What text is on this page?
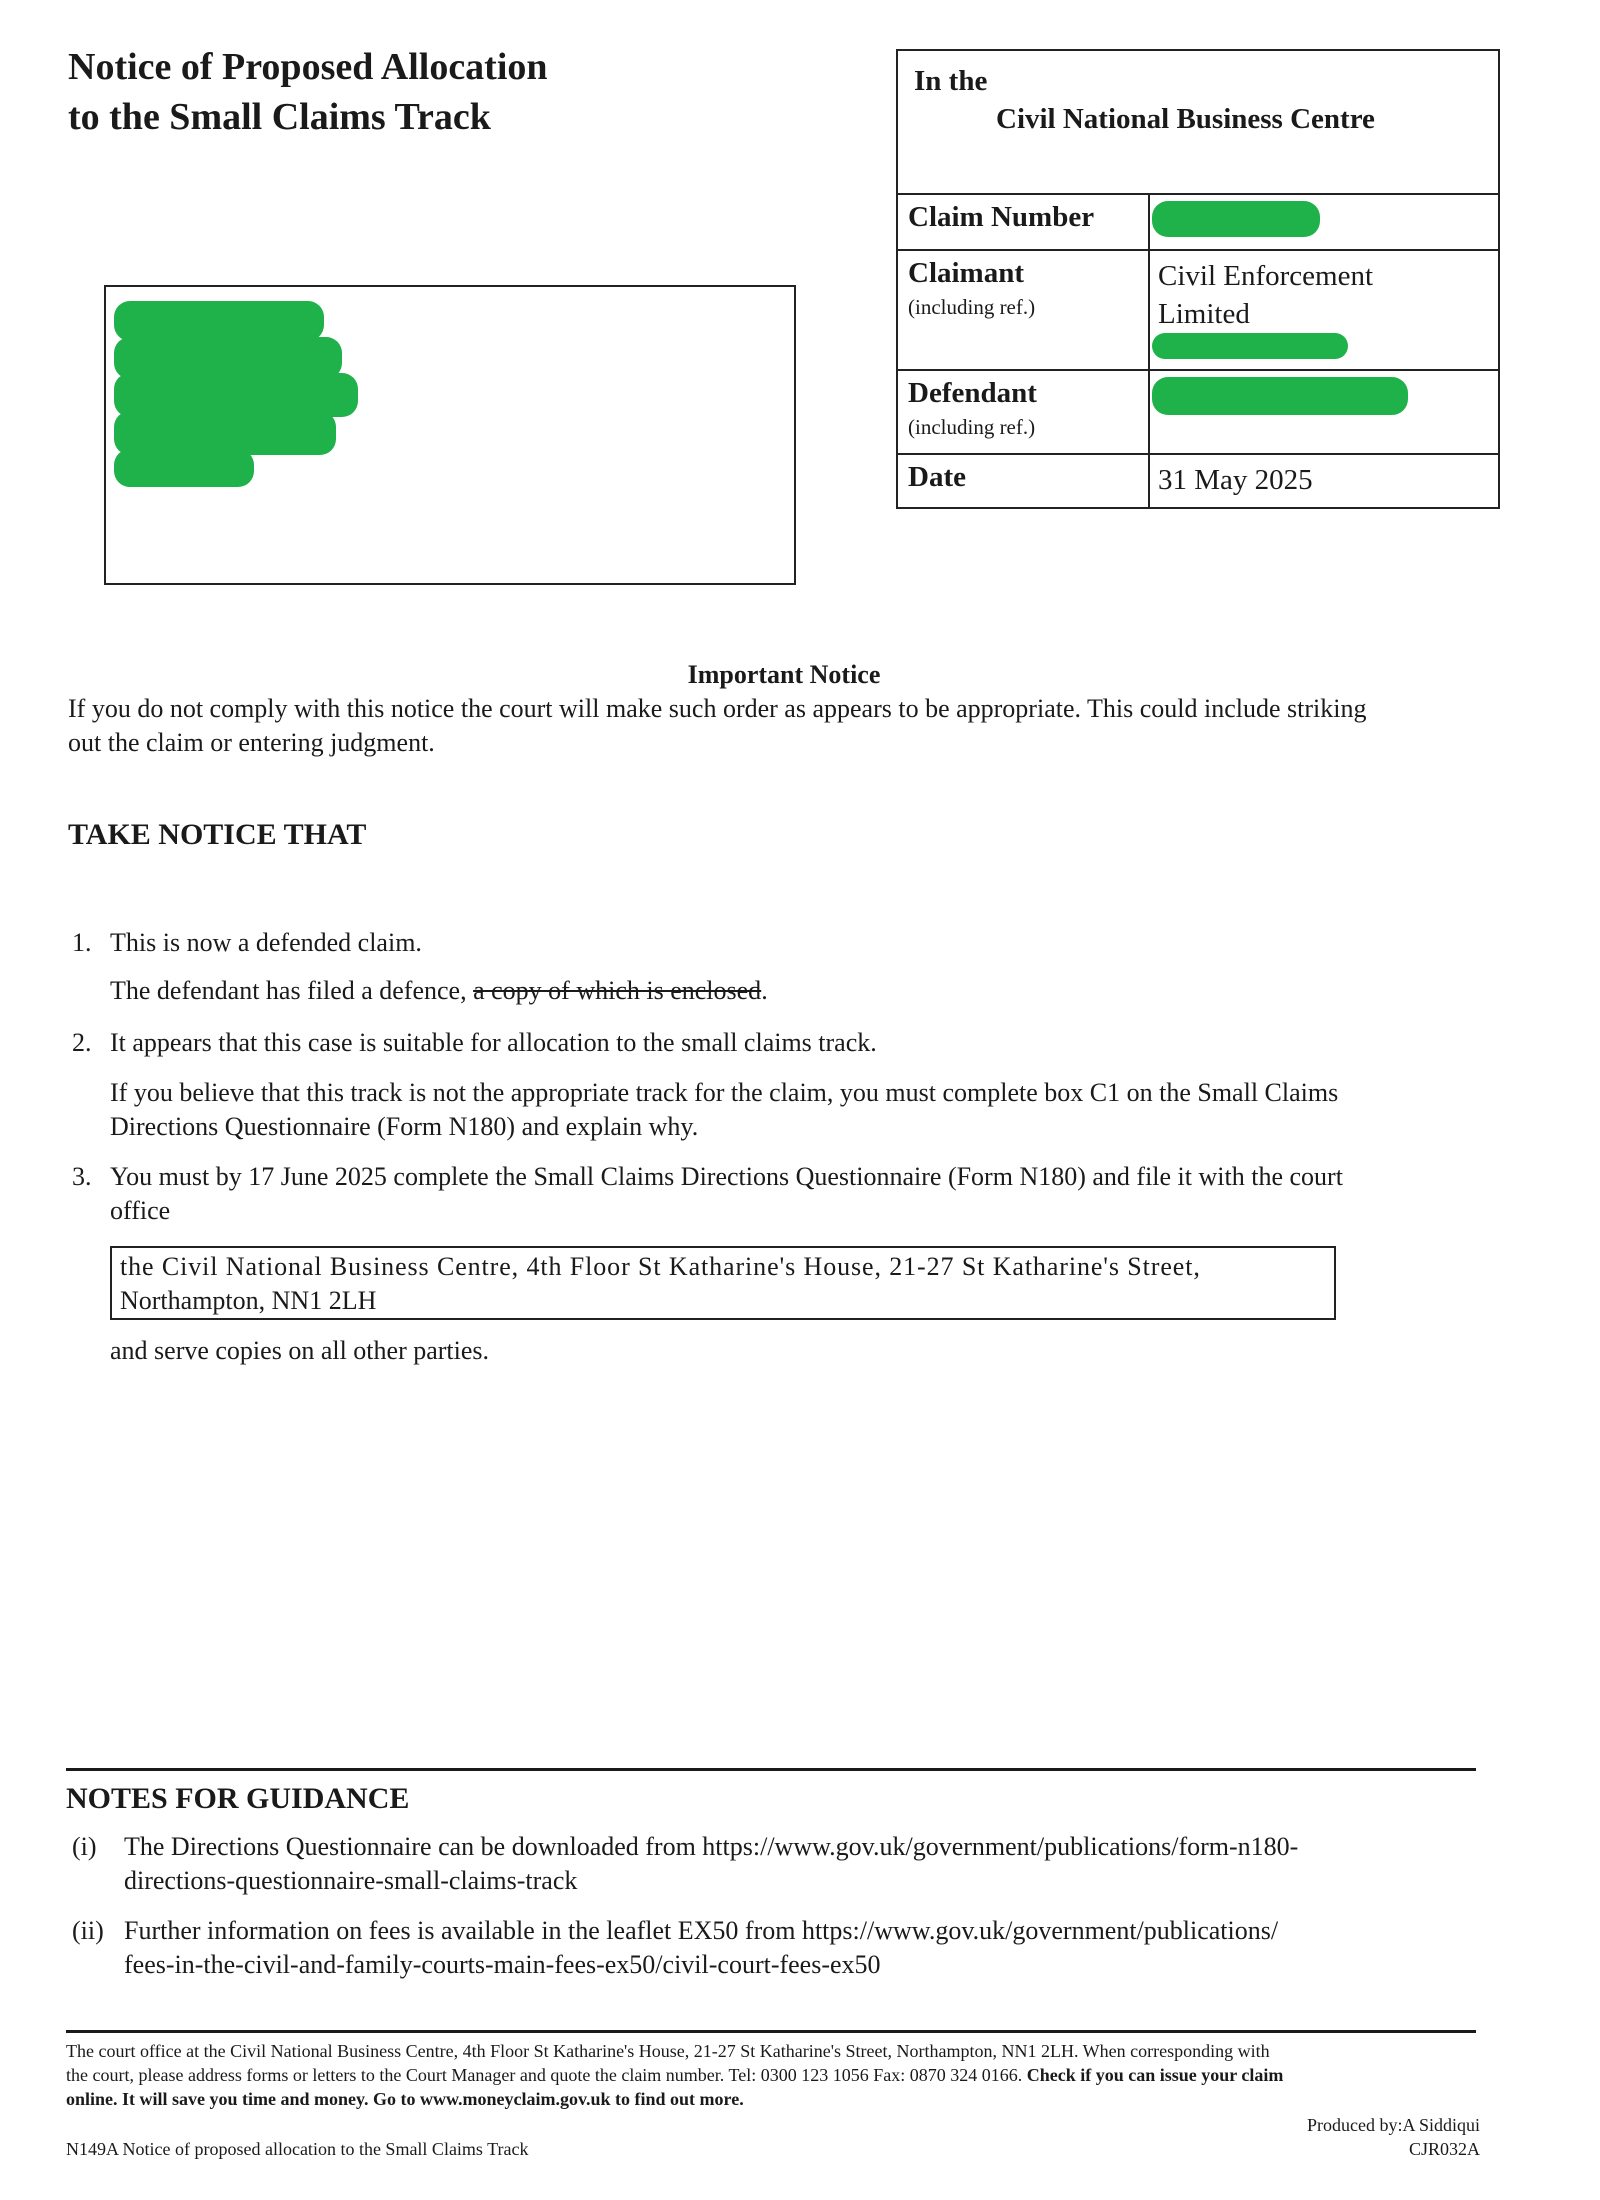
Notice of Proposed Allocation
to the Small Claims Track
In the
Civil National Business Centre
Claim Number
Claimant
(including ref.)
Civil Enforcement
Limited
Defendant
(including ref.)
Date	31 May 2025
Important Notice
If you do not comply with this notice the court will make such order as appears to be appropriate. This could include striking
out the claim or entering judgment.
TAKE NOTICE THAT
1. This is now a defended claim.
The defendant has filed a defence, a copy of which is enclosed.
2. It appears that this case is suitable for allocation to the small claims track.
If you believe that this track is not the appropriate track for the claim, you must complete box C1 on the Small Claims
Directions Questionnaire (Form N180) and explain why.
3. You must by 17 June 2025 complete the Small Claims Directions Questionnaire (Form N180) and file it with the court
office
the Civil National Business Centre, 4th Floor St Katharine's House, 21-27 St Katharine's Street,
Northampton, NN1 2LH
and serve copies on all other parties.
NOTES FOR GUIDANCE
(i) The Directions Questionnaire can be downloaded from https://www.gov.uk/government/publications/form-n180-
directions-questionnaire-small-claims-track
(ii) Further information on fees is available in the leaflet EX50 from https://www.gov.uk/government/publications/
fees-in-the-civil-and-family-courts-main-fees-ex50/civil-court-fees-ex50
The court office at the Civil National Business Centre, 4th Floor St Katharine's House, 21-27 St Katharine's Street, Northampton, NN1 2LH. When corresponding with
the court, please address forms or letters to the Court Manager and quote the claim number. Tel: 0300 123 1056 Fax: 0870 324 0166. Check if you can issue your claim
online. It will save you time and money. Go to www.moneyclaim.gov.uk to find out more.
Produced by:A Siddiqui
CJR032A
N149A Notice of proposed allocation to the Small Claims Track
